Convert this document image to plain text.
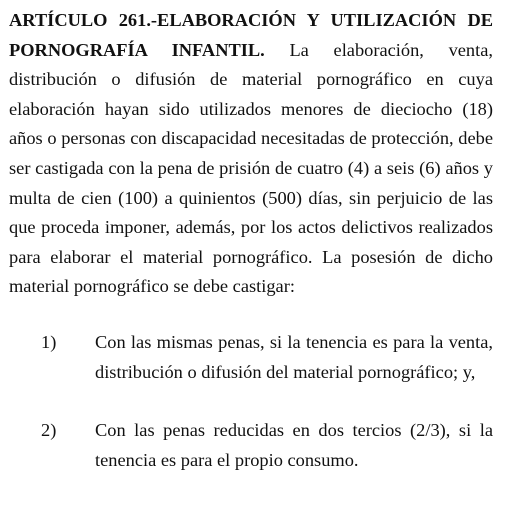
ARTÍCULO 261.-ELABORACIÓN Y UTILIZACIÓN DE PORNOGRAFÍA INFANTIL. La elaboración, venta, distribución o difusión de material pornográfico en cuya elaboración hayan sido utilizados menores de dieciocho (18) años o personas con discapacidad necesitadas de protección, debe ser castigada con la pena de prisión de cuatro (4) a seis (6) años y multa de cien (100) a quinientos (500) días, sin perjuicio de las que proceda imponer, además, por los actos delictivos realizados para elaborar el material pornográfico. La posesión de dicho material pornográfico se debe castigar:

1)	Con las mismas penas, si la tenencia es para la venta, distribución o difusión del material pornográfico; y,
2)	Con las penas reducidas en dos tercios (2/3), si la tenencia es para el propio consumo.
